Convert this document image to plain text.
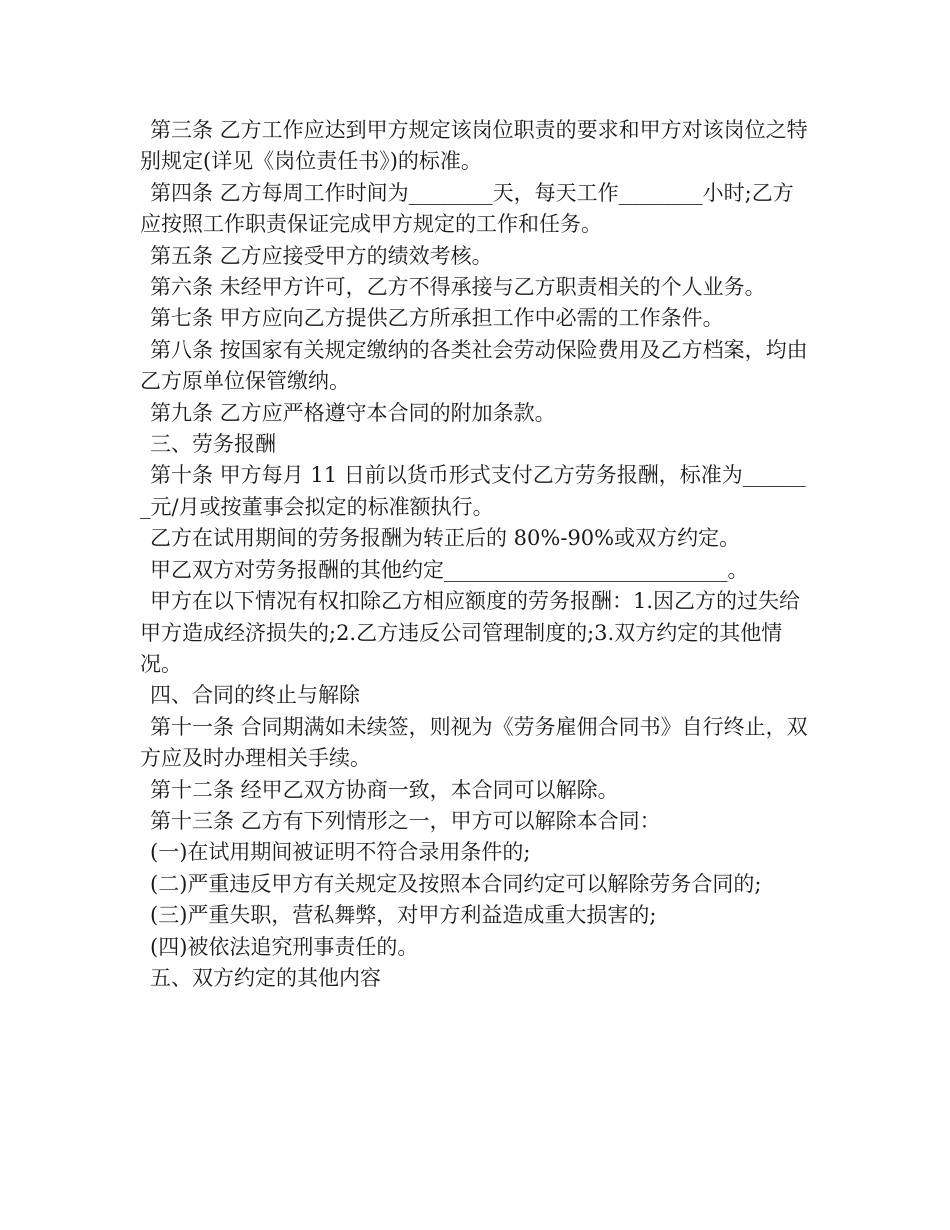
第三条 乙方工作应达到甲方规定该岗位职责的要求和甲方对该岗位之特别规定(详见《岗位责任书》)的标准。

第四条 乙方每周工作时间为________天，每天工作________小时;乙方应按照工作职责保证完成甲方规定的工作和任务。

第五条 乙方应接受甲方的绩效考核。

第六条 未经甲方许可，乙方不得承接与乙方职责相关的个人业务。

第七条 甲方应向乙方提供乙方所承担工作中必需的工作条件。

第八条 按国家有关规定缴纳的各类社会劳动保险费用及乙方档案，均由乙方原单位保管缴纳。

第九条 乙方应严格遵守本合同的附加条款。

三、劳务报酬

第十条 甲方每月 11 日前以货币形式支付乙方劳务报酬，标准为_______元/月或按董事会拟定的标准额执行。

乙方在试用期间的劳务报酬为转正后的 80%-90%或双方约定。

甲乙双方对劳务报酬的其他约定___________________________。

甲方在以下情况有权扣除乙方相应额度的劳务报酬：1.因乙方的过失给甲方造成经济损失的;2.乙方违反公司管理制度的;3.双方约定的其他情况。

四、合同的终止与解除

第十一条 合同期满如未续签，则视为《劳务雇佣合同书》自行终止，双方应及时办理相关手续。

第十二条 经甲乙双方协商一致，本合同可以解除。

第十三条 乙方有下列情形之一，甲方可以解除本合同：

(一)在试用期间被证明不符合录用条件的;

(二)严重违反甲方有关规定及按照本合同约定可以解除劳务合同的;

(三)严重失职，营私舞弊，对甲方利益造成重大损害的;

(四)被依法追究刑事责任的。

五、双方约定的其他内容
